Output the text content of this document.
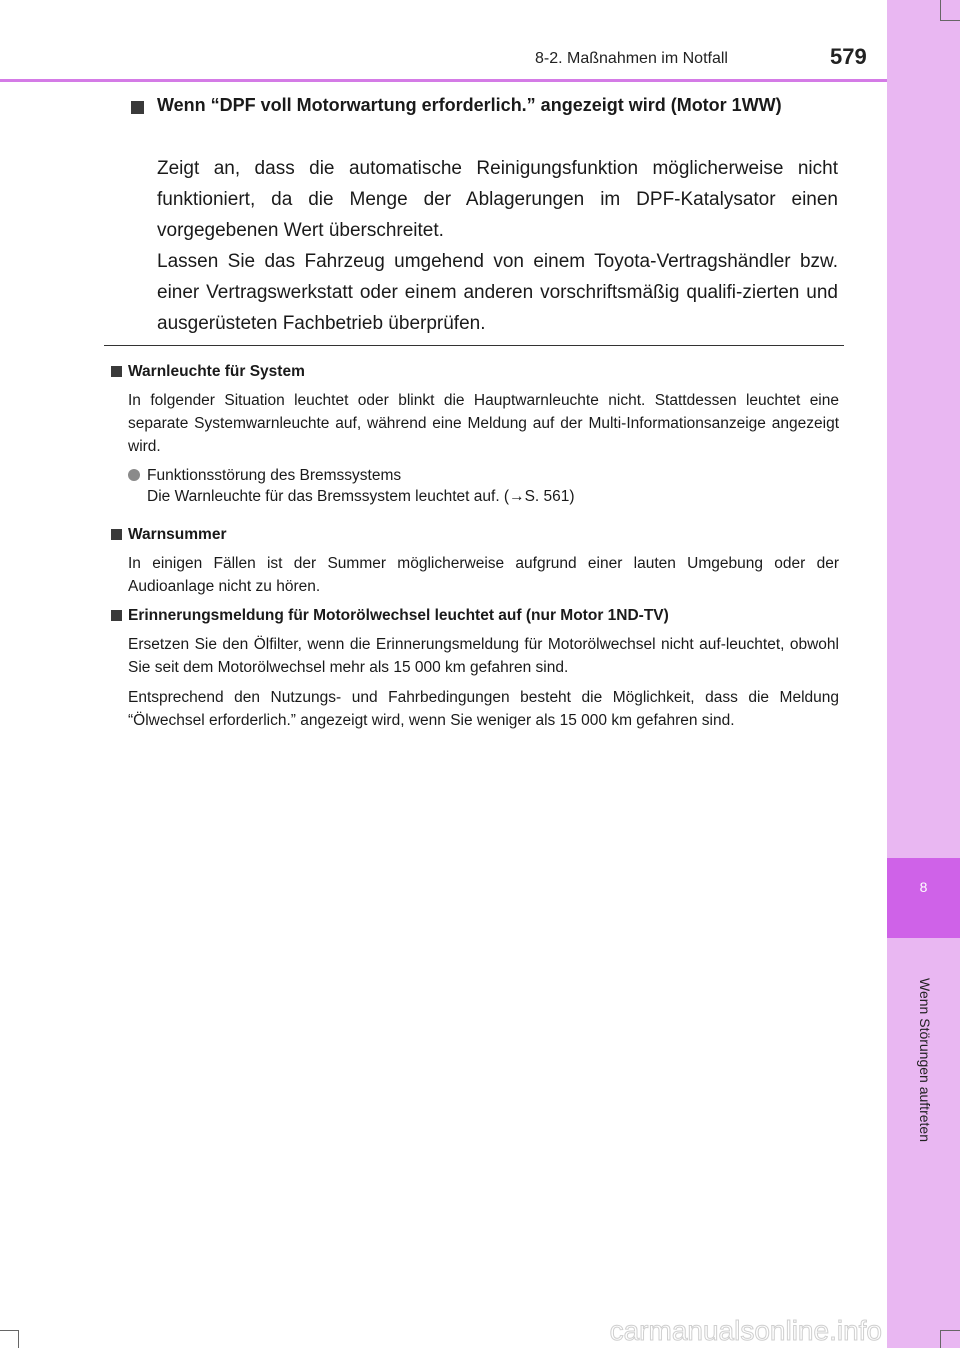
8
Wenn Störungen auftreten
8-2. Maßnahmen im Notfall	579
Wenn “DPF voll Motorwartung erforderlich.” angezeigt wird (Motor 1WW)
Zeigt an, dass die automatische Reinigungsfunktion möglicherweise nicht funktioniert, da die Menge der Ablagerungen im DPF-Katalysator einen vorgegebenen Wert überschreitet.
Lassen Sie das Fahrzeug umgehend von einem Toyota-Vertragshändler bzw. einer Vertragswerkstatt oder einem anderen vorschriftsmäßig qualifi-zierten und ausgerüsteten Fachbetrieb überprüfen.
Warnleuchte für System
In folgender Situation leuchtet oder blinkt die Hauptwarnleuchte nicht. Stattdessen leuchtet eine separate Systemwarnleuchte auf, während eine Meldung auf der Multi-Informationsanzeige angezeigt wird.
Funktionsstörung des Bremssystems
Die Warnleuchte für das Bremssystem leuchtet auf. (→S. 561)
Warnsummer
In einigen Fällen ist der Summer möglicherweise aufgrund einer lauten Umgebung oder der Audioanlage nicht zu hören.
Erinnerungsmeldung für Motorölwechsel leuchtet auf (nur Motor 1ND-TV)
Ersetzen Sie den Ölfilter, wenn die Erinnerungsmeldung für Motorölwechsel nicht auf-leuchtet, obwohl Sie seit dem Motorölwechsel mehr als 15 000 km gefahren sind.
Entsprechend den Nutzungs- und Fahrbedingungen besteht die Möglichkeit, dass die Meldung “Ölwechsel erforderlich.” angezeigt wird, wenn Sie weniger als 15 000 km gefahren sind.
carmanualsonline.info
